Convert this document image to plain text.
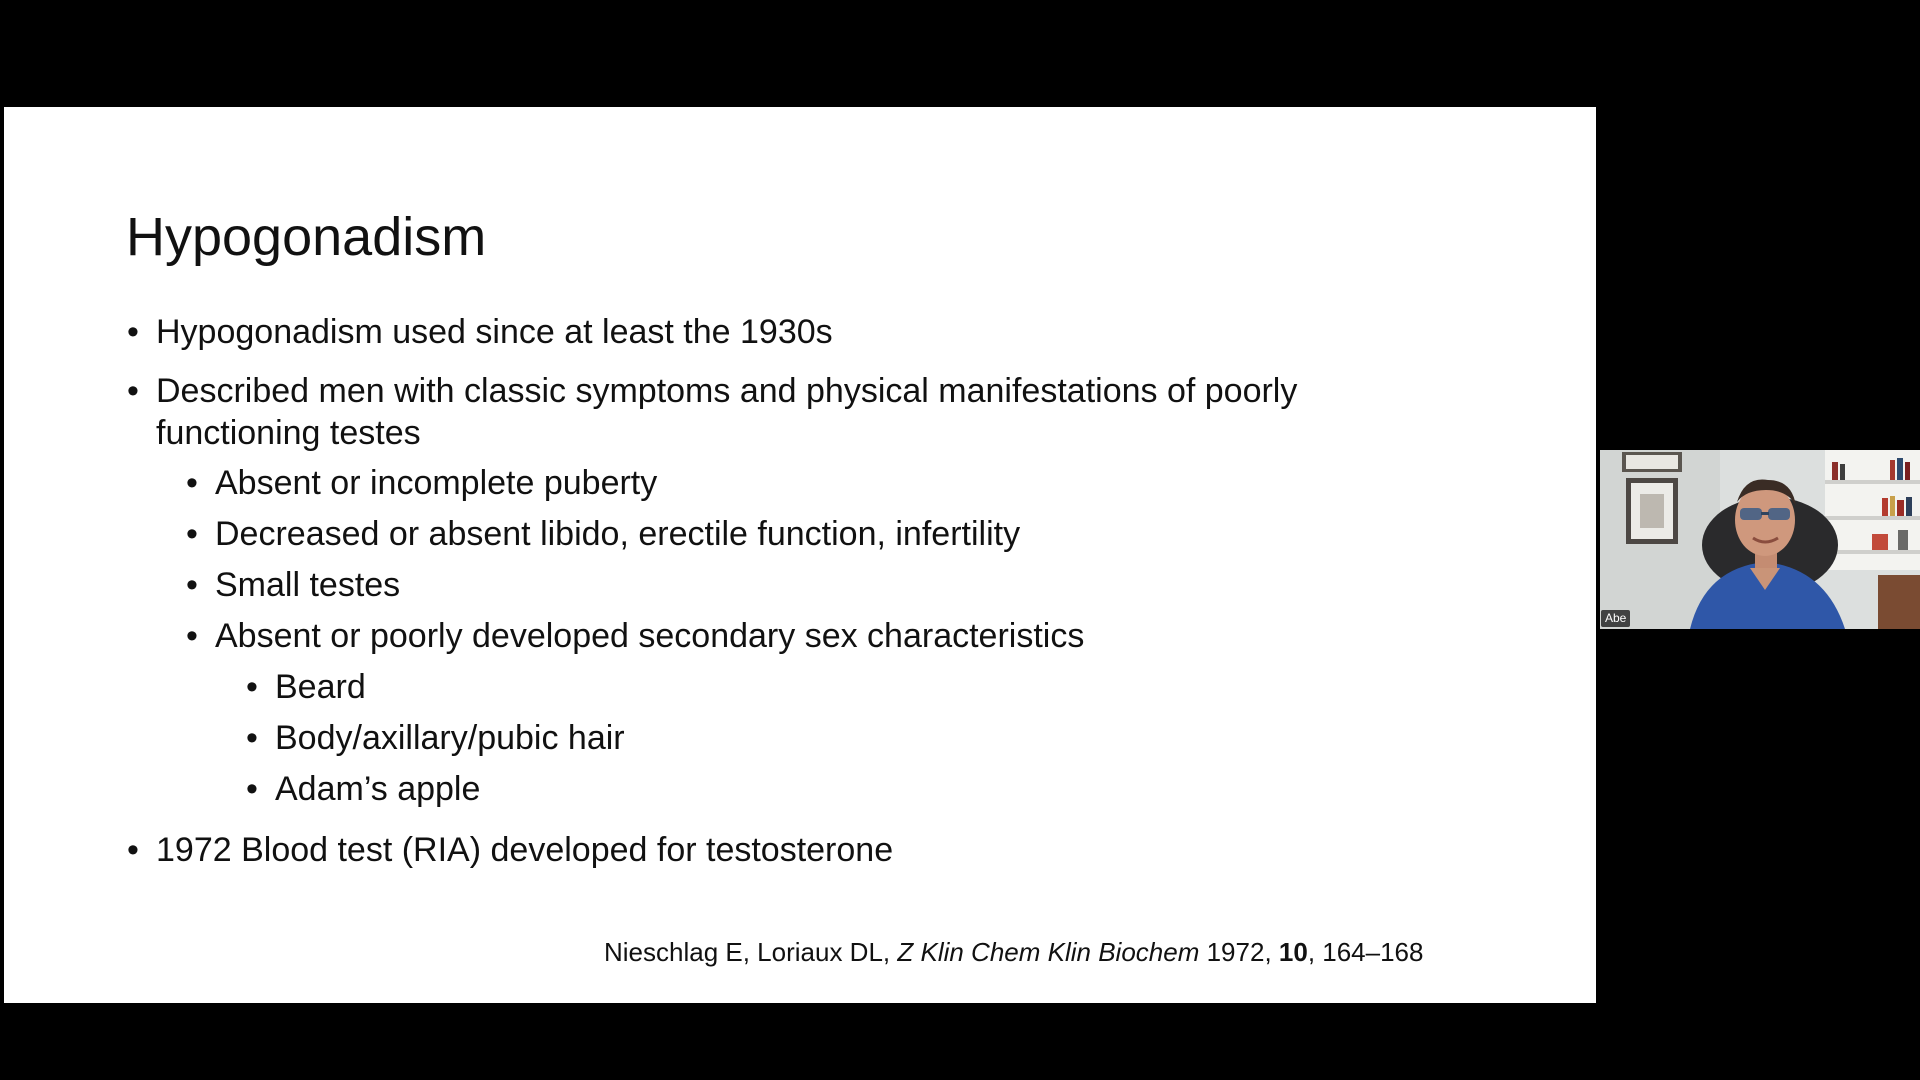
Hypogonadism
• Hypogonadism used since at least the 1930s
• Described men with classic symptoms and physical manifestations of poorly
functioning testes
• Absent or incomplete puberty
• Decreased or absent libido, erectile function, infertility
• Small testes
• Absent or poorly developed secondary sex characteristics
• Beard
• Body/axillary/pubic hair
• Adam’s apple
• 1972 Blood test (RIA) developed for testosterone
Nieschlag E, Loriaux DL, Z Klin Chem Klin Biochem 1972, 10, 164–168
Abe
